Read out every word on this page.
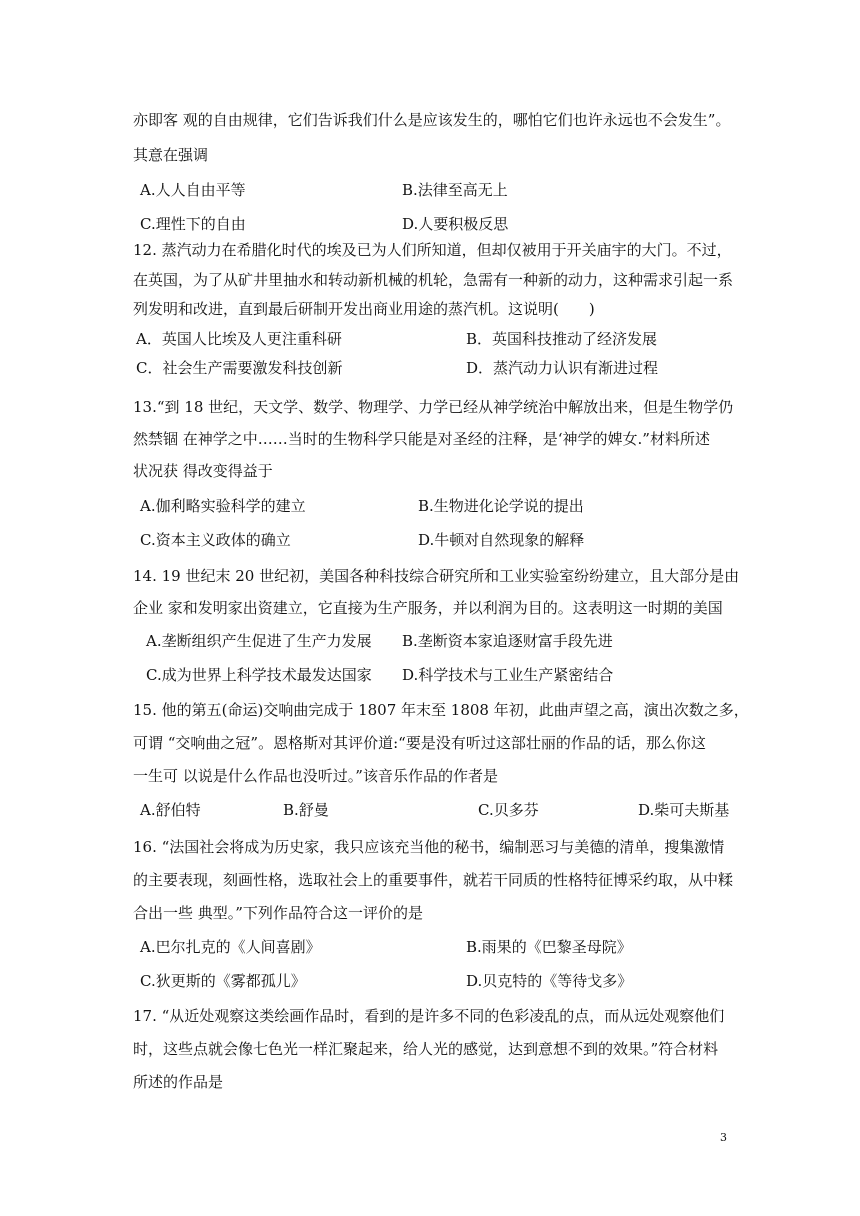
亦即客 观的自由规律，它们告诉我们什么是应该发生的，哪怕它们也许永远也不会发生”。
其意在强调
A.人人自由平等	B.法律至高无上
C.理性下的自由	D.人要积极反思
12. 蒸汽动力在希腊化时代的埃及已为人们所知道，但却仅被用于开关庙宇的大门。不过，
在英国，为了从矿井里抽水和转动新机械的机轮，急需有一种新的动力，这种需求引起一系
列发明和改进，直到最后研制开发出商业用途的蒸汽机。这说明(　　)
A．英国人比埃及人更注重科研	B．英国科技推动了经济发展
C．社会生产需要激发科技创新	D．蒸汽动力认识有渐进过程
13.“到 18 世纪，天文学、数学、物理学、力学已经从神学统治中解放出来，但是生物学仍
然禁锢 在神学之中……当时的生物科学只能是对圣经的注释，是‘神学的婢女.”材料所述
状况获 得改变得益于
A.伽利略实验科学的建立	B.生物进化论学说的提出
C.资本主义政体的确立	D.牛顿对自然现象的解释
14. 19 世纪末 20 世纪初，美国各种科技综合研究所和工业实验室纷纷建立，且大部分是由
企业 家和发明家出资建立，它直接为生产服务，并以利润为目的。这表明这一时期的美国
A.垄断组织产生促进了生产力发展 B.垄断资本家追逐财富手段先进
C.成为世界上科学技术最发达国家 D.科学技术与工业生产紧密结合
15. 他的第五(命运)交响曲完成于 1807 年末至 1808 年初，此曲声望之高，演出次数之多，
可谓 “交响曲之冠”。恩格斯对其评价道:“要是没有听过这部壮丽的作品的话，那么你这
一生可 以说是什么作品也没听过。”该音乐作品的作者是
A.舒伯特	B.舒曼	C.贝多芬	D.柴可夫斯基
16. “法国社会将成为历史家，我只应该充当他的秘书，编制恶习与美德的清单，搜集激情
的主要表现，刻画性格，选取社会上的重要事件，就若干同质的性格特征博采约取，从中糅
合出一些 典型。”下列作品符合这一评价的是
A.巴尔扎克的《人间喜剧》	B.雨果的《巴黎圣母院》
C.狄更斯的《雾都孤儿》	D.贝克特的《等待戈多》
17. “从近处观察这类绘画作品时，看到的是许多不同的色彩凌乱的点，而从远处观察他们
时，这些点就会像七色光一样汇聚起来，给人光的感觉，达到意想不到的效果。”符合材料
所述的作品是
3
